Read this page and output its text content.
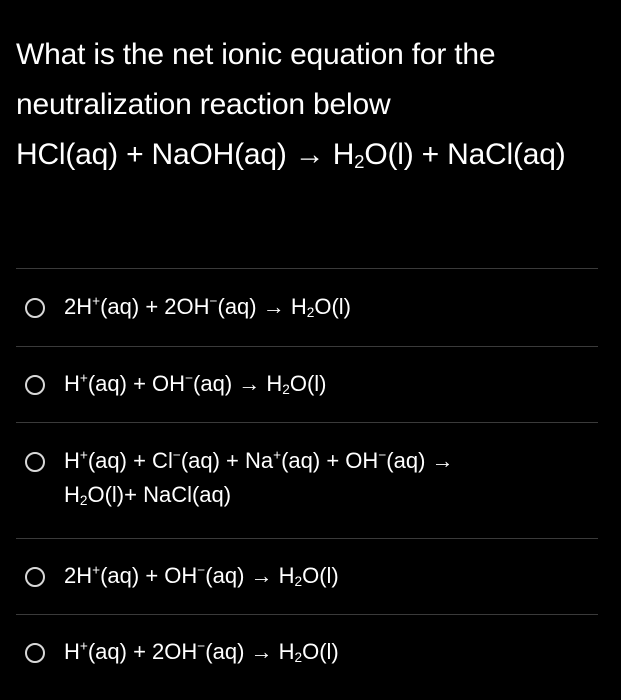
What is the net ionic equation for the
neutralization reaction below
HCl(aq) + NaOH(aq) → $H_2O(l)$ + NaCl(aq)
$2H^+(aq) + 2OH^-(aq) \to H_2O(l)$
$H^+(aq) + OH^-(aq) \to H_2O(l)$
H+(aq) + Cl−(aq) + Na+(aq) + OH−(aq) →
$H_2O(l)+$ NaCl(aq)
$2H^+(aq) + OH^-(aq) \to H_2O(l)$
$H^+(aq) + 2OH^-(aq) \to H_2O(l)$
